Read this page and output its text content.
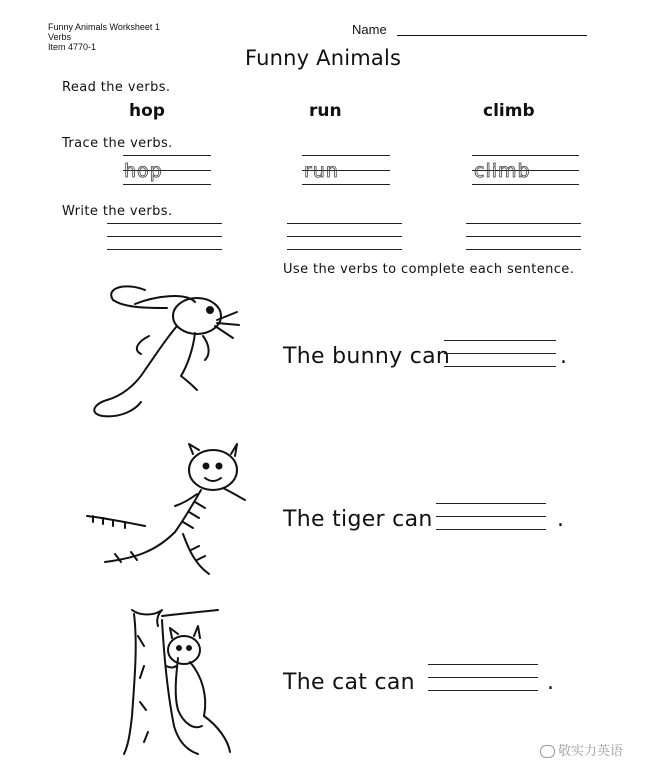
Funny Animals Worksheet 1
Verbs
Item 4770-1
Name
Funny Animals
Read the verbs.
hop	run	climb
Trace the verbs.
hop	run	climb
Write the verbs.
Use the verbs to complete each sentence.
The bunny can	.
The tiger can	.
The cat can	.
敬实力英语
